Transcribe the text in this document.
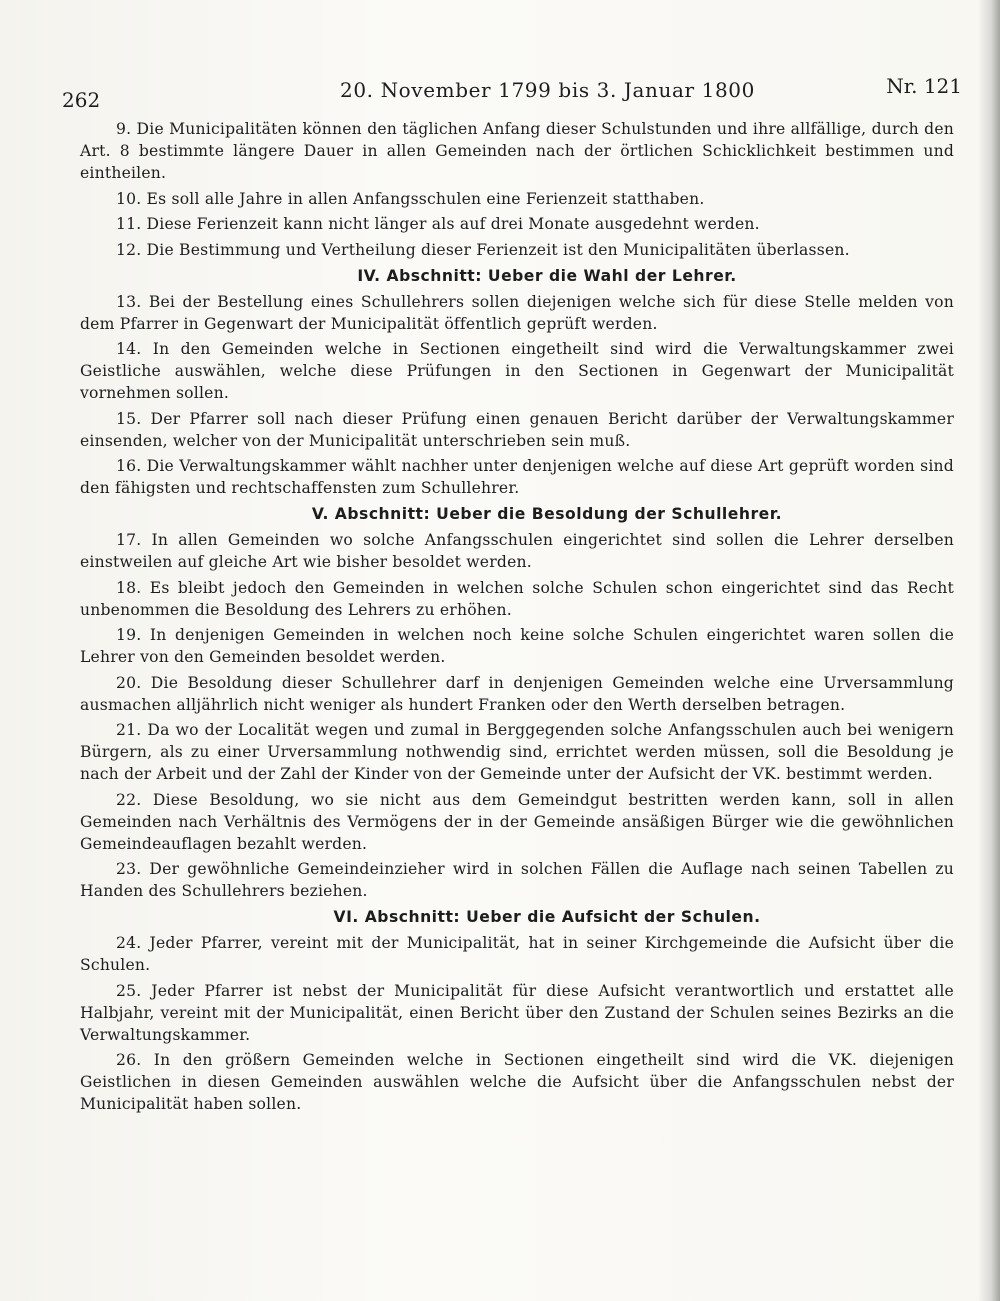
262	20. November 1799 bis 3. Januar 1800	Nr. 121

9. Die Municipalitäten können den täglichen Anfang dieser Schulstunden und ihre allfällige, durch den Art. 8 bestimmte längere Dauer in allen Gemeinden nach der örtlichen Schicklichkeit bestimmen und eintheilen.

10. Es soll alle Jahre in allen Anfangsschulen eine Ferienzeit statthaben.

11. Diese Ferienzeit kann nicht länger als auf drei Monate ausgedehnt werden.

12. Die Bestimmung und Vertheilung dieser Ferienzeit ist den Municipalitäten überlassen.

IV. Abschnitt: Ueber die Wahl der Lehrer.

13. Bei der Bestellung eines Schullehrers sollen diejenigen welche sich für diese Stelle melden von dem Pfarrer in Gegenwart der Municipalität öffentlich geprüft werden.

14. In den Gemeinden welche in Sectionen eingetheilt sind wird die Verwaltungskammer zwei Geistliche auswählen, welche diese Prüfungen in den Sectionen in Gegenwart der Municipalität vornehmen sollen.

15. Der Pfarrer soll nach dieser Prüfung einen genauen Bericht darüber der Verwaltungskammer einsenden, welcher von der Municipalität unterschrieben sein muß.

16. Die Verwaltungskammer wählt nachher unter denjenigen welche auf diese Art geprüft worden sind den fähigsten und rechtschaffensten zum Schullehrer.

V. Abschnitt: Ueber die Besoldung der Schullehrer.

17. In allen Gemeinden wo solche Anfangsschulen eingerichtet sind sollen die Lehrer derselben einstweilen auf gleiche Art wie bisher besoldet werden.

18. Es bleibt jedoch den Gemeinden in welchen solche Schulen schon eingerichtet sind das Recht unbenommen die Besoldung des Lehrers zu erhöhen.

19. In denjenigen Gemeinden in welchen noch keine solche Schulen eingerichtet waren sollen die Lehrer von den Gemeinden besoldet werden.

20. Die Besoldung dieser Schullehrer darf in denjenigen Gemeinden welche eine Urversammlung ausmachen alljährlich nicht weniger als hundert Franken oder den Werth derselben betragen.

21. Da wo der Localität wegen und zumal in Berggegenden solche Anfangsschulen auch bei wenigern Bürgern, als zu einer Urversammlung nothwendig sind, errichtet werden müssen, soll die Besoldung je nach der Arbeit und der Zahl der Kinder von der Gemeinde unter der Aufsicht der VK. bestimmt werden.

22. Diese Besoldung, wo sie nicht aus dem Gemeindgut bestritten werden kann, soll in allen Gemeinden nach Verhältnis des Vermögens der in der Gemeinde ansäßigen Bürger wie die gewöhnlichen Gemeindeauflagen bezahlt werden.

23. Der gewöhnliche Gemeindeinzieher wird in solchen Fällen die Auflage nach seinen Tabellen zu Handen des Schullehrers beziehen.

VI. Abschnitt: Ueber die Aufsicht der Schulen.

24. Jeder Pfarrer, vereint mit der Municipalität, hat in seiner Kirchgemeinde die Aufsicht über die Schulen.

25. Jeder Pfarrer ist nebst der Municipalität für diese Aufsicht verantwortlich und erstattet alle Halbjahr, vereint mit der Municipalität, einen Bericht über den Zustand der Schulen seines Bezirks an die Verwaltungskammer.

26. In den größern Gemeinden welche in Sectionen eingetheilt sind wird die VK. diejenigen Geistlichen in diesen Gemeinden auswählen welche die Aufsicht über die Anfangsschulen nebst der Municipalität haben sollen.
